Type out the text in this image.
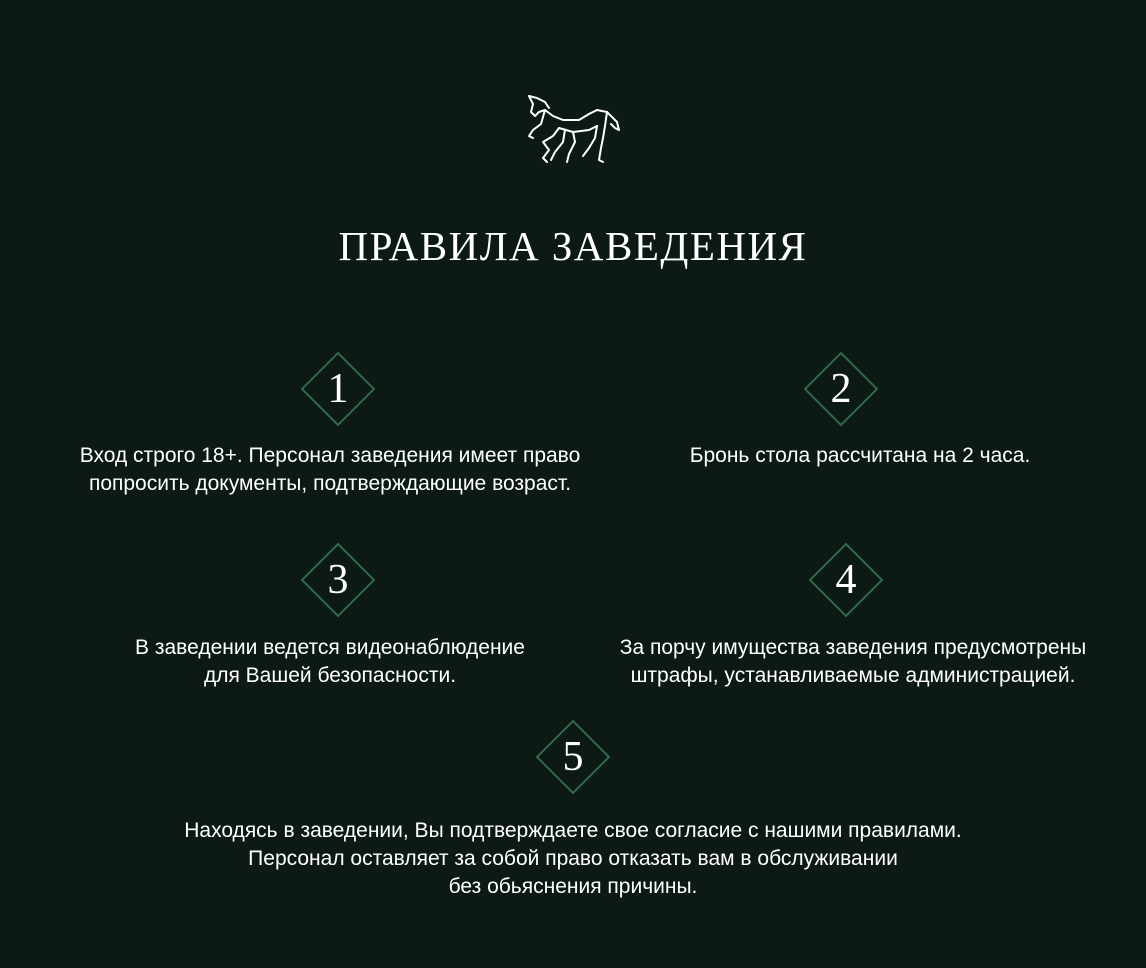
ПРАВИЛА ЗАВЕДЕНИЯ
1
Вход строго 18+. Персонал заведения имеет право
попросить документы, подтверждающие возраст.
2
Бронь стола рассчитана на 2 часа.
3
В заведении ведется видеонаблюдение
для Вашей безопасности.
4
За порчу имущества заведения предусмотрены
штрафы, устанавливаемые администрацией.
5
Находясь в заведении, Вы подтверждаете свое согласие с нашими правилами.
Персонал оставляет за собой право отказать вам в обслуживании
без обьяснения причины.
